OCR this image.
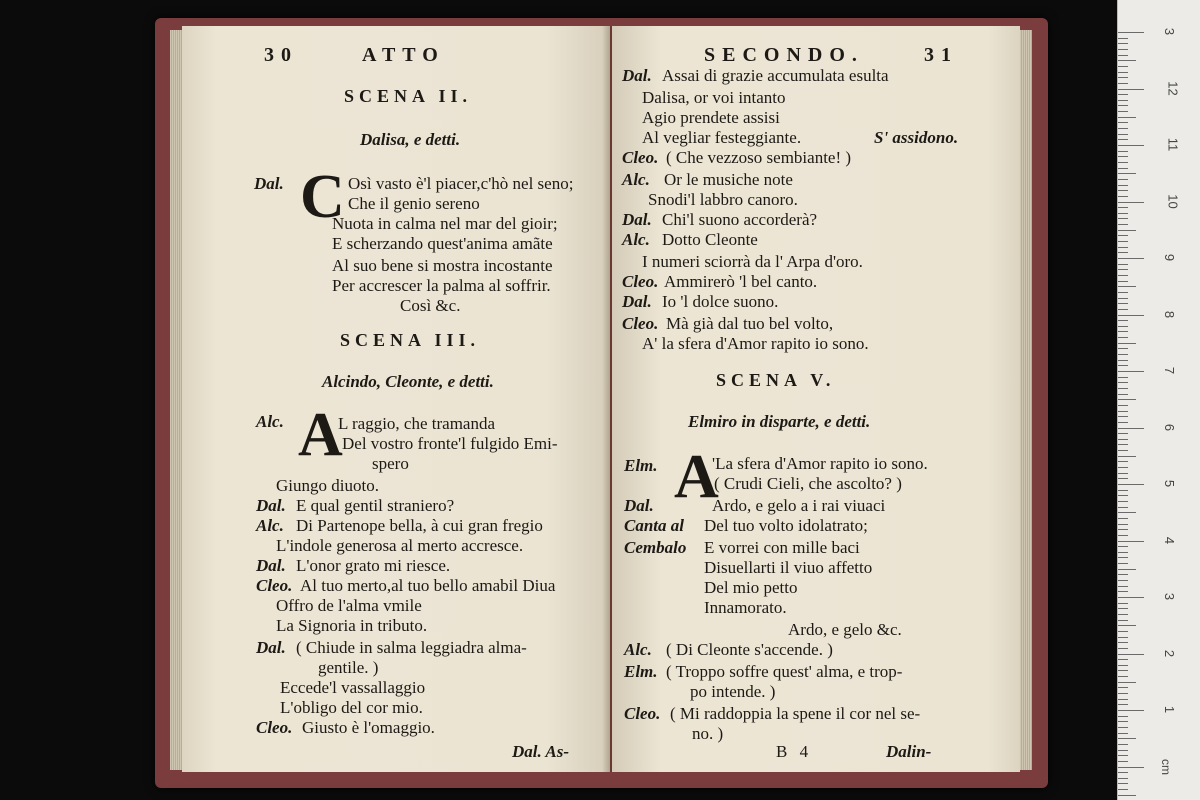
30	ATTO
SCENA II.
Dalisa, e detti.
Dal. C Osì vasto è'l piacer,c'hò nel seno;
Che il genio sereno
Nuota in calma nel mar del gioir;
E scherzando quest'anima amãte
Al suo bene si mostra incostante
Per accrescer la palma al soffrir.
Così &c.
SCENA III.
Alcindo, Cleonte, e detti.
Alc. A
L raggio, che tramanda
Del vostro fronte'l fulgido Emi-
spero
Giungo diuoto.
Dal. E qual gentil straniero?
Alc. Di Partenope bella, à cui gran fregio
L'indole generosa al merto accresce.
Dal. L'onor grato mi riesce.
Cleo. Al tuo merto,al tuo bello amabil Diua
Offro de l'alma vmile
La Signoria in tributo.
Dal. ( Chiude in salma leggiadra alma-
gentile. )
Eccede'l vassallaggio
L'obligo del cor mio.
Cleo. Giusto è l'omaggio.
Dal. As-
SECONDO.	31
Dal. Assai di grazie accumulata esulta
Dalisa, or voi intanto
Agio prendete assisi
Al vegliar festeggiante.	S' assidono.
Cleo. ( Che vezzoso sembiante! )
Alc. Or le musiche note
Snodi'l labbro canoro.
Dal. Chi'l suono accorderà?
Alc. Dotto Cleonte
I numeri sciorrà da l' Arpa d'oro.
Cleo. Ammirerò 'l bel canto.
Dal. Io 'l dolce suono.
Cleo. Mà già dal tuo bel volto,
A' la sfera d'Amor rapito io sono.
SCENA V.
Elmiro in disparte, e detti.
Elm. A
'La sfera d'Amor rapito io sono.
( Crudi Cieli, che ascolto? )
Dal.	Ardo, e gelo a i rai viuaci
Canta al Del tuo volto idolatrato;
Cembalo E vorrei con mille baci
Disuellarti il viuo affetto
Del mio petto
Innamorato.
Ardo, e gelo &c.
Alc. ( Di Cleonte s'accende. )
Elm. ( Troppo soffre quest' alma, e trop-
po intende. )
Cleo. ( Mi raddoppia la spene il cor nel se-
no. )
B 4	Dalin-
3
12
11
10
9
8
7
6
5
4
3
2
1
cm
